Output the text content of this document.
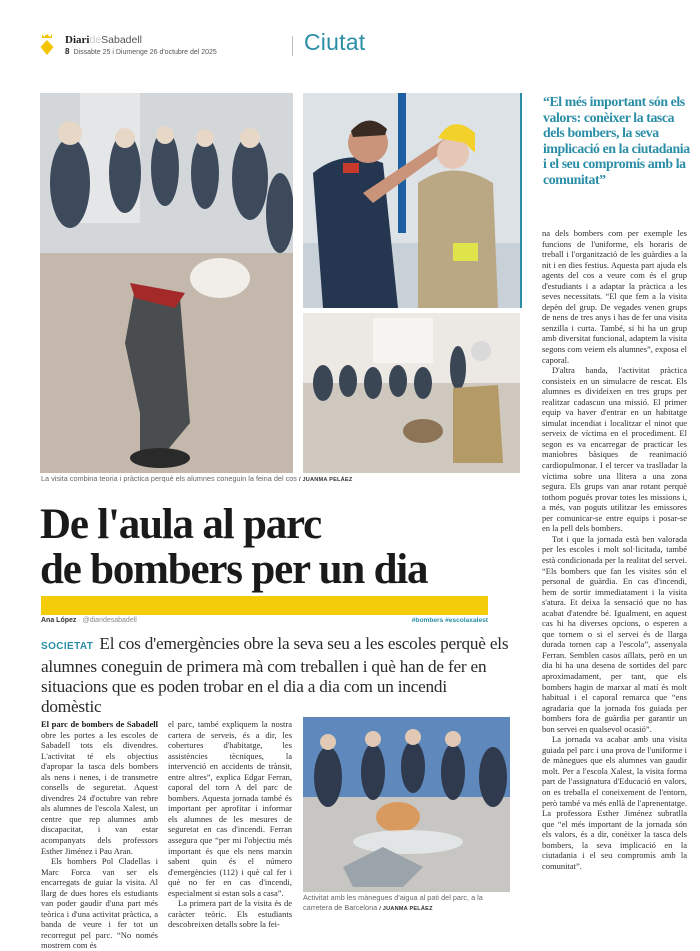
DiarideSabadell
8 Dissabte 25 i Diumenge 26 d'octubre del 2025	Ciutat
La visita combina teoria i pràctica perquè els alumnes coneguin la feina del cos / JUANMA PELÁEZ
Activitat amb les mànegues d'aigua al pati del parc, a la carretera de Barcelona / JUANMA PELÁEZ
“El més important són els valors: conèixer la tasca dels bombers, la seva implicació en la ciutadania i el seu compromís amb la comunitat”
De l'aula al parc
de bombers per un dia
Ana López · @diaridesabadell	#bombers #escolaxalest
SOCIETAT El cos d'emergències obre la seva seu a les escoles perquè els alumnes coneguin de primera mà com treballen i què han de fer en situacions que es poden trobar en el dia a dia com un incendi domèstic

El parc de bombers de Sabadell obre les portes a les escoles de Sabadell tots els divendres. L'activitat té els objectius d'apropar la tasca dels bombers als nens i nenes, i de transmetre consells de seguretat. Aquest divendres 24 d'octubre van rebre als alumnes de l'escola Xalest, un centre que rep alumnes amb discapacitat, i van estar acompanyats dels professors Esther Jiménez i Pau Aran.

Els bombers Pol Cladellas i Marc Forca van ser els encarregats de guiar la visita. Al llarg de dues hores els estudiants van poder gaudir d'una part més teòrica i d'una activitat pràctica, a banda de veure i fer tot un recorregut pel parc. “No només mostrem com és

el parc, també expliquem la nostra cartera de serveis, és a dir, les cobertures d'habitatge, les assistències tècniques, la intervenció en accidents de trànsit, entre altres”, explica Edgar Ferran, caporal del torn A del parc de bombers. Aquesta jornada també és important per aprofitar i informar els alumnes de les mesures de seguretat en cas d'incendi. Ferran assegura que “per mi l'objectiu més important és que els nens marxin sabent quin és el número d'emergències (112) i què cal fer i què no fer en cas d'incendi, especialment si estan sols a casa”.

La primera part de la visita és de caràcter teòric. Els estudiants descobreixen detalls sobre la fei-

na dels bombers com per exemple les funcions de l'uniforme, els horaris de treball i l'organització de les guàrdies a la nit i en dies festius. Aquesta part ajuda els agents del cos a veure com és el grup d'estudiants i a adaptar la pràctica a les seves necessitats. “El que fem a la visita depèn del grup. De vegades venen grups de nens de tres anys i has de fer una visita senzilla i curta. També, si hi ha un grup amb diversitat funcional, adaptem la visita segons com veiem els alumnes”, exposa el caporal.

D'altra banda, l'activitat pràctica consisteix en un simulacre de rescat. Els alumnes es divideixen en tres grups per realitzar cadascun una missió. El primer equip va haver d'entrar en un habitatge simulat incendiat i localitzar el ninot que serveix de víctima en el procediment. El segon es va encarregar de practicar les maniobres bàsiques de reanimació cardiopulmonar. I el tercer va traslladar la víctima sobre una llitera a una zona segura. Els grups van anar rotant perquè tothom pogués provar totes les missions i, a més, van poguts utilitzar les emissores per comunicar-se entre equips i posar-se en la pell dels bombers.

Tot i que la jornada està ben valorada per les escoles i molt sol·licitada, també està condicionada per la realitat del servei. “Els bombers que fan les visites són el personal de guàrdia. En cas d'incendi, hem de sortir immediatament i la visita s'atura. Et deixa la sensació que no has acabat d'atendre bé. Igualment, en aquest cas hi ha diverses opcions, o esperen a que tornem o si el servei és de llarga durada tornen cap a l'escola”, assenyala Ferran. Semblen casos aïllats, però en un dia hi ha una desena de sortides del parc aproximadament, per tant, que els bombers hagin de marxar al matí és molt habitual i el caporal remarca que “ens agradaria que la jornada fos guiada per bombers fora de guàrdia per garantir un bon servei en qualsevol ocasió”.

La jornada va acabar amb una visita guiada pel parc i una prova de l'uniforme i de mànegues que els alumnes van gaudir molt. Per a l'escola Xalest, la visita forma part de l'assignatura d'Educació en valors, on es treballa el coneixement de l'entorn, però també va més enllà de l'aprenentatge. La professora Esther Jiménez subratlla que “el més important de la jornada són els valors, és a dir, conèixer la tasca dels bombers, la seva implicació en la ciutadania i el seu compromís amb la comunitat”.
